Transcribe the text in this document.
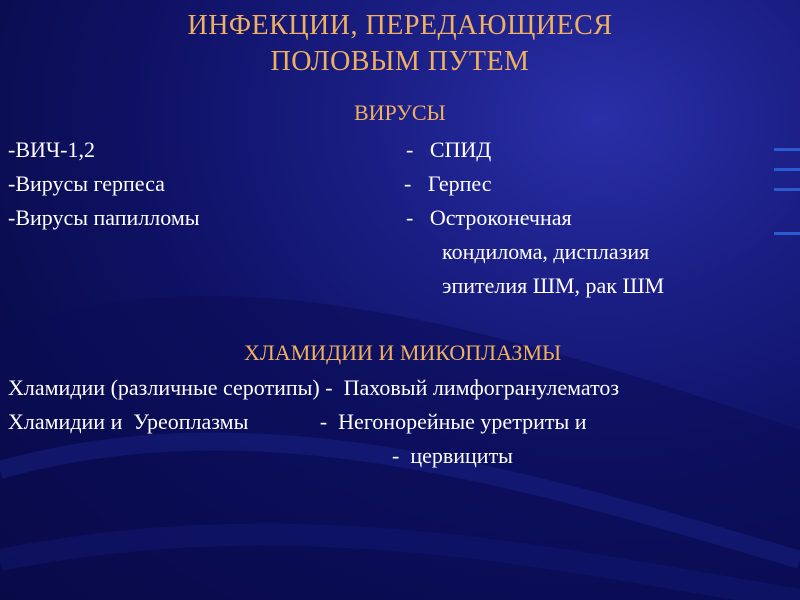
ИНФЕКЦИИ, ПЕРЕДАЮЩИЕСЯ
ПОЛОВЫМ ПУТЕМ
ВИРУСЫ
-ВИЧ-1,2	-   СПИД
-Вирусы герпеса	-   Герпес
-Вирусы папилломы	-   Остроконечная
кондилома, дисплазия
эпителия ШМ, рак ШМ
ХЛАМИДИИ И МИКОПЛАЗМЫ
Хламидии (различные серотипы) -  Паховый лимфогранулематоз
Хламидии и  Уреоплазмы             -  Негонорейные уретриты и
-  цервициты
